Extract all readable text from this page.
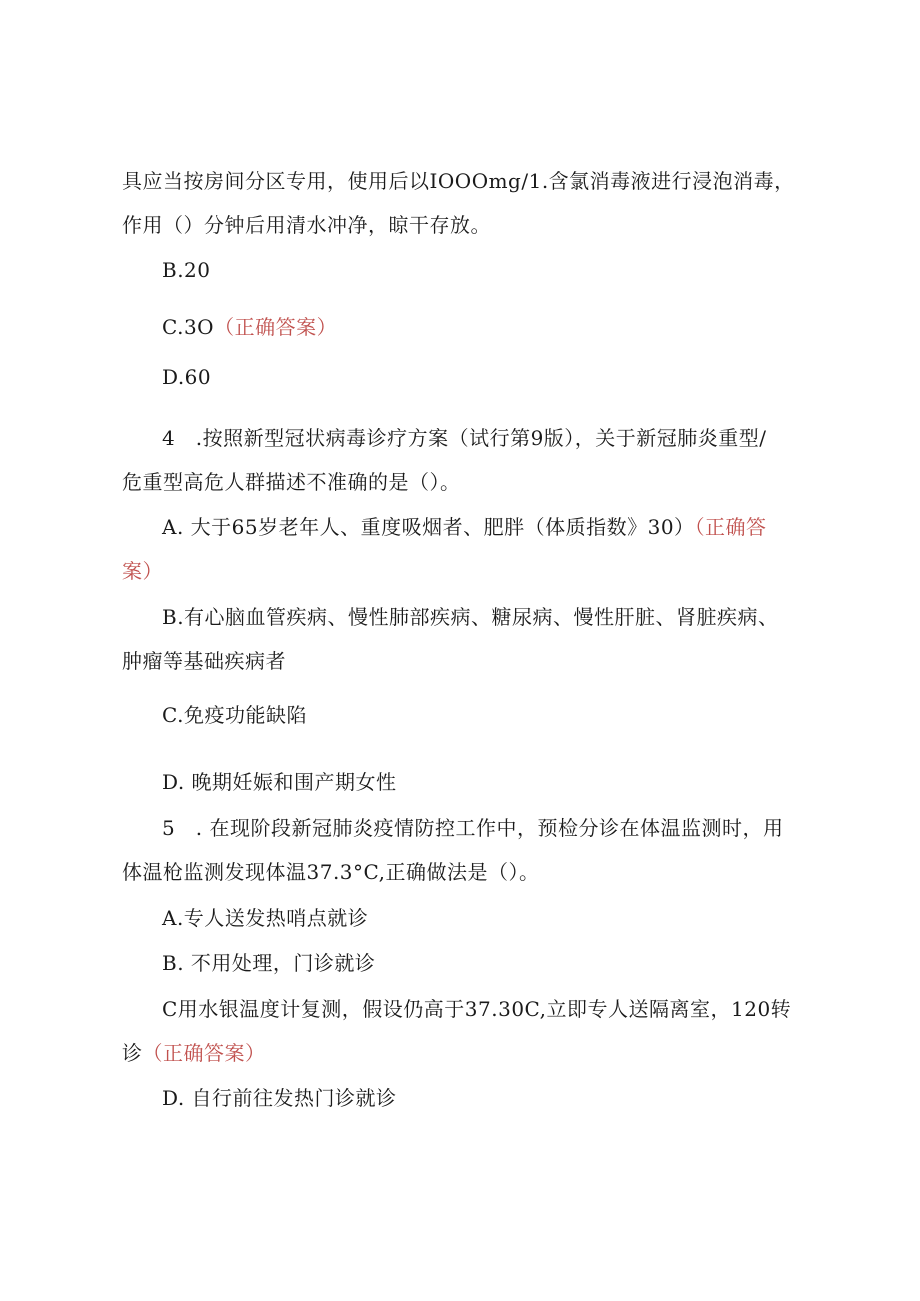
具应当按房间分区专用，使用后以IOOOmg/1.含氯消毒液进行浸泡消毒，
作用（）分钟后用清水冲净，晾干存放。
B.20
C.3O（正确答案）
D.60
4　.按照新型冠状病毒诊疗方案（试行第9版），关于新冠肺炎重型/
危重型高危人群描述不准确的是（）。
A. 大于65岁老年人、重度吸烟者、肥胖（体质指数》30）（正确答
案）
B.有心脑血管疾病、慢性肺部疾病、糖尿病、慢性肝脏、肾脏疾病、
肿瘤等基础疾病者
C.免疫功能缺陷
D. 晚期妊娠和围产期女性
5　. 在现阶段新冠肺炎疫情防控工作中，预检分诊在体温监测时，用
体温枪监测发现体温37.3°C,正确做法是（）。
A.专人送发热哨点就诊
B. 不用处理，门诊就诊
C用水银温度计复测，假设仍高于37.30C,立即专人送隔离室，120转
诊（正确答案）
D. 自行前往发热门诊就诊
